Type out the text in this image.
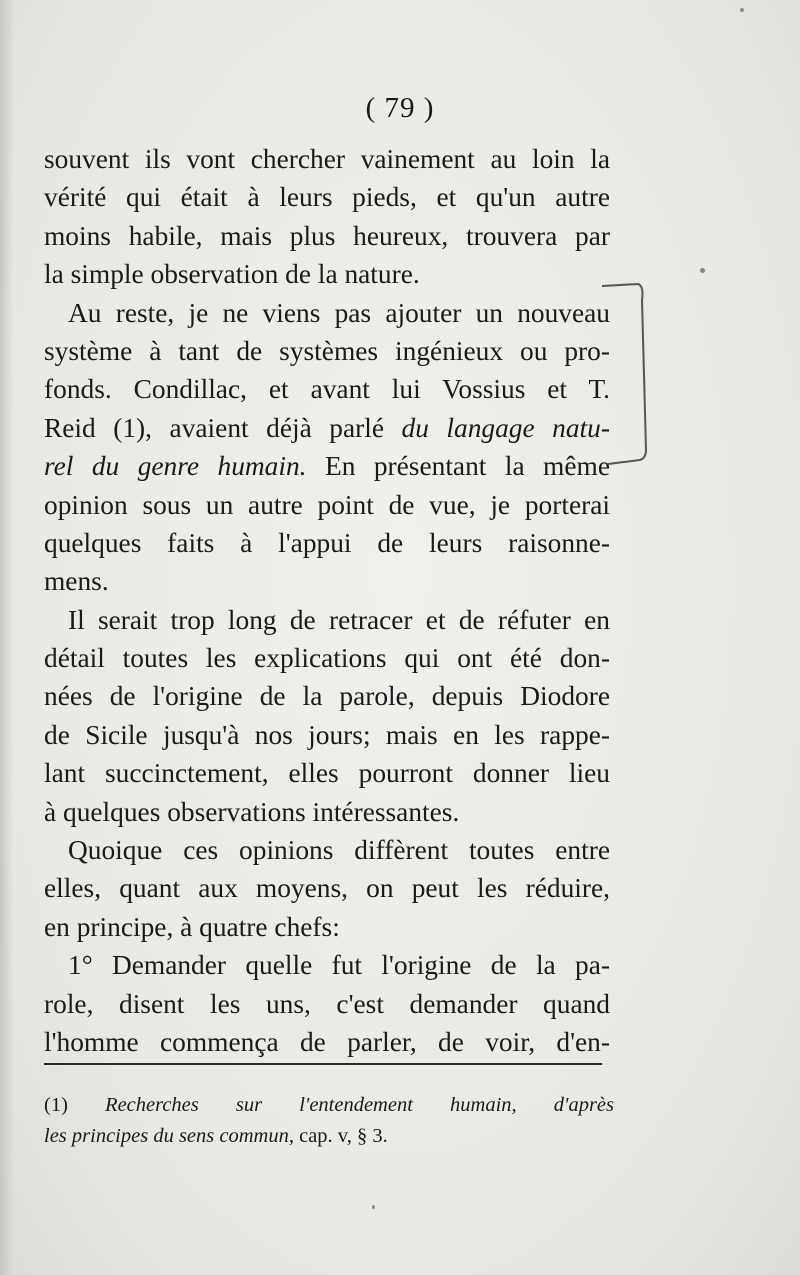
( 79 )
souvent ils vont chercher vainement au loin la
vérité qui était à leurs pieds, et qu'un autre
moins habile, mais plus heureux, trouvera par
la simple observation de la nature.
Au reste, je ne viens pas ajouter un nouveau
système à tant de systèmes ingénieux ou pro-
fonds. Condillac, et avant lui Vossius et T.
Reid (1), avaient déjà parlé du langage natu-
rel du genre humain. En présentant la même
opinion sous un autre point de vue, je porterai
quelques faits à l'appui de leurs raisonne-
mens.
Il serait trop long de retracer et de réfuter en
détail toutes les explications qui ont été don-
nées de l'origine de la parole, depuis Diodore
de Sicile jusqu'à nos jours; mais en les rappe-
lant succinctement, elles pourront donner lieu
à quelques observations intéressantes.
Quoique ces opinions diffèrent toutes entre
elles, quant aux moyens, on peut les réduire,
en principe, à quatre chefs:
1° Demander quelle fut l'origine de la pa-
role, disent les uns, c'est demander quand
l'homme commença de parler, de voir, d'en-
(1) Recherches sur l'entendement humain, d'après
les principes du sens commun, cap. v, § 3.
